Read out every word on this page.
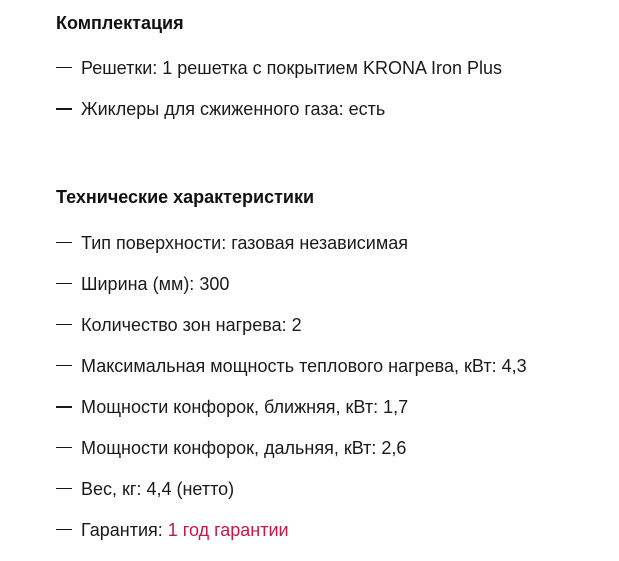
Комплектация
Решетки: 1 решетка с покрытием KRONA Iron Plus
Жиклеры для сжиженного газа: есть
Технические характеристики
Тип поверхности: газовая независимая
Ширина (мм): 300
Количество зон нагрева: 2
Максимальная мощность теплового нагрева, кВт: 4,3
Мощности конфорок, ближняя, кВт: 1,7
Мощности конфорок, дальняя, кВт: 2,6
Вес, кг: 4,4 (нетто)
Гарантия: 1 год гарантии
